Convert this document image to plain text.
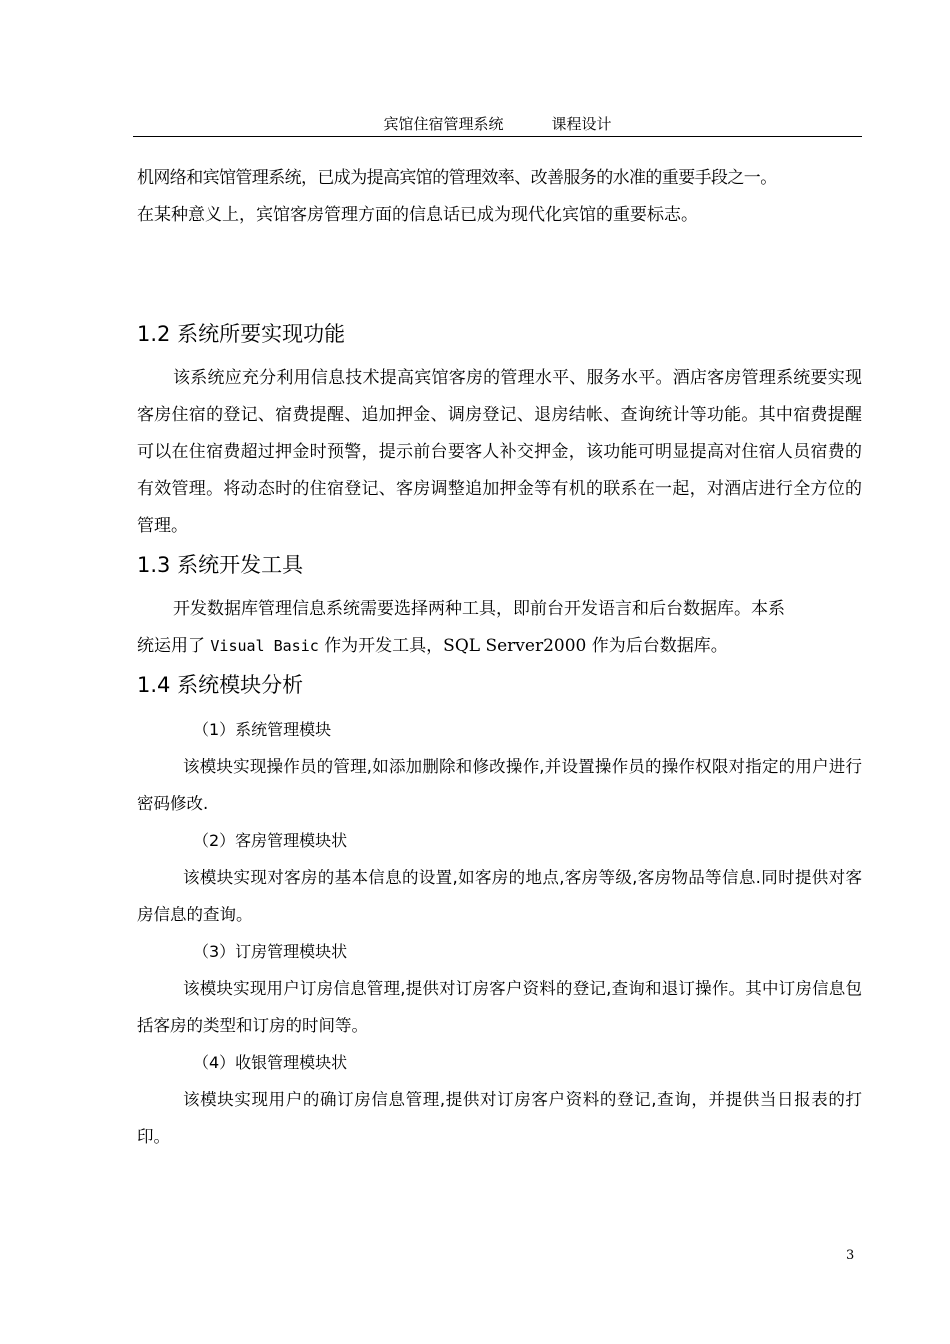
宾馆住宿管理系统	课程设计

机网络和宾馆管理系统，已成为提高宾馆的管理效率、改善服务的水准的重要手段之一。

在某种意义上，宾馆客房管理方面的信息话已成为现代化宾馆的重要标志。

1.2 系统所要实现功能

该系统应充分利用信息技术提高宾馆客房的管理水平、服务水平。酒店客房管理系统要实现客房住宿的登记、宿费提醒、追加押金、调房登记、退房结帐、查询统计等功能。其中宿费提醒可以在住宿费超过押金时预警，提示前台要客人补交押金，该功能可明显提高对住宿人员宿费的有效管理。将动态时的住宿登记、客房调整追加押金等有机的联系在一起，对酒店进行全方位的管理。

1.3 系统开发工具

开发数据库管理信息系统需要选择两种工具，即前台开发语言和后台数据库。本系

统运用了 Visual Basic 作为开发工具，SQL Server2000 作为后台数据库。

1.4 系统模块分析
（1）系统管理模块
该模块实现操作员的管理,如添加删除和修改操作,并设置操作员的操作权限对指定的用户进行密码修改.
（2）客房管理模块状
该模块实现对客房的基本信息的设置,如客房的地点,客房等级,客房物品等信息.同时提供对客房信息的查询。
（3）订房管理模块状
该模块实现用户订房信息管理,提供对订房客户资料的登记,查询和退订操作。其中订房信息包括客房的类型和订房的时间等。
（4）收银管理模块状
该模块实现用户的确订房信息管理,提供对订房客户资料的登记,查询，并提供当日报表的打印。
3
